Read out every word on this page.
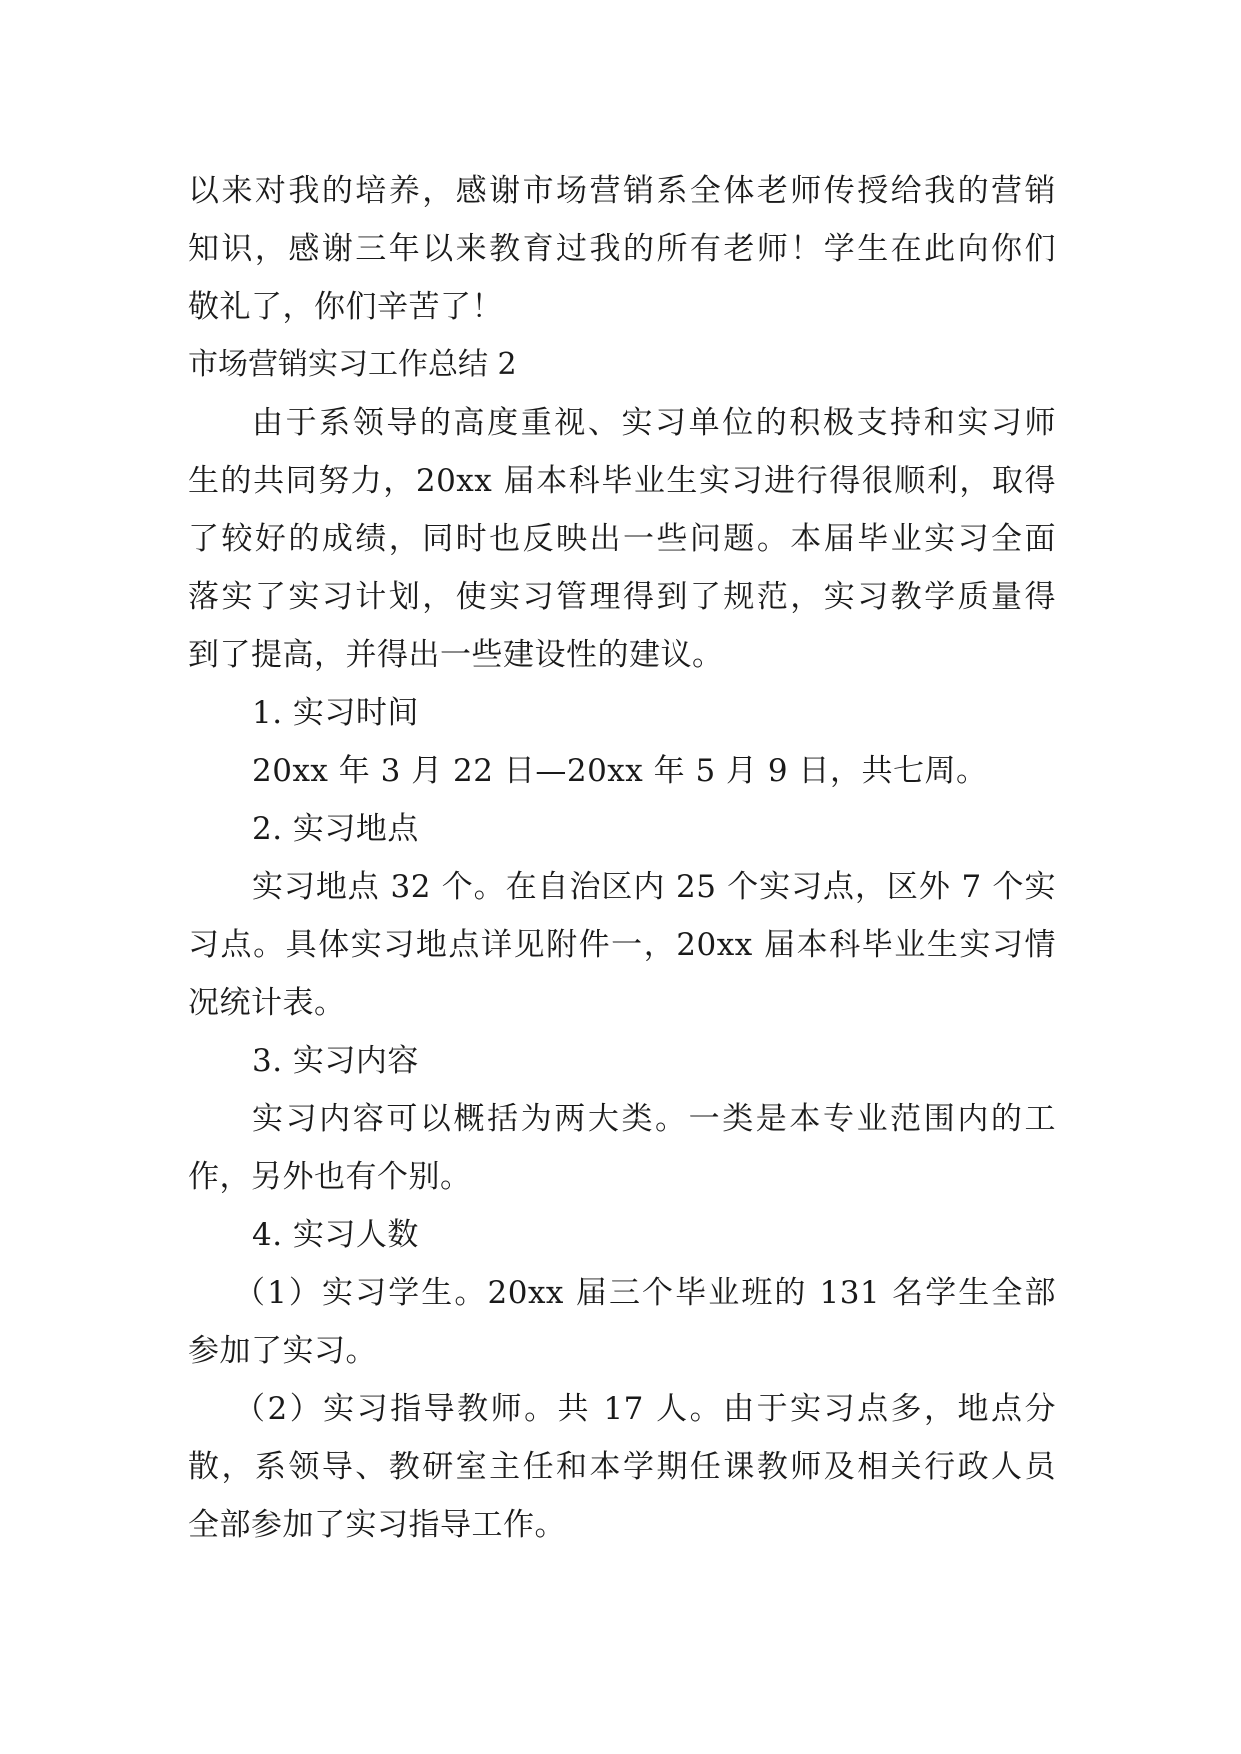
以来对我的培养，感谢市场营销系全体老师传授给我的营销
知识，感谢三年以来教育过我的所有老师！学生在此向你们
敬礼了，你们辛苦了！
市场营销实习工作总结 2
由于系领导的高度重视、实习单位的积极支持和实习师
生的共同努力，20xx 届本科毕业生实习进行得很顺利，取得
了较好的成绩，同时也反映出一些问题。本届毕业实习全面
落实了实习计划，使实习管理得到了规范，实习教学质量得
到了提高，并得出一些建设性的建议。
1. 实习时间
20xx 年 3 月 22 日—20xx 年 5 月 9 日，共七周。
2. 实习地点
实习地点 32 个。在自治区内 25 个实习点，区外 7 个实
习点。具体实习地点详见附件一，20xx 届本科毕业生实习情
况统计表。
3. 实习内容
实习内容可以概括为两大类。一类是本专业范围内的工
作，另外也有个别。
4. 实习人数
（1）实习学生。20xx 届三个毕业班的 131 名学生全部
参加了实习。
（2）实习指导教师。共 17 人。由于实习点多，地点分
散，系领导、教研室主任和本学期任课教师及相关行政人员
全部参加了实习指导工作。
